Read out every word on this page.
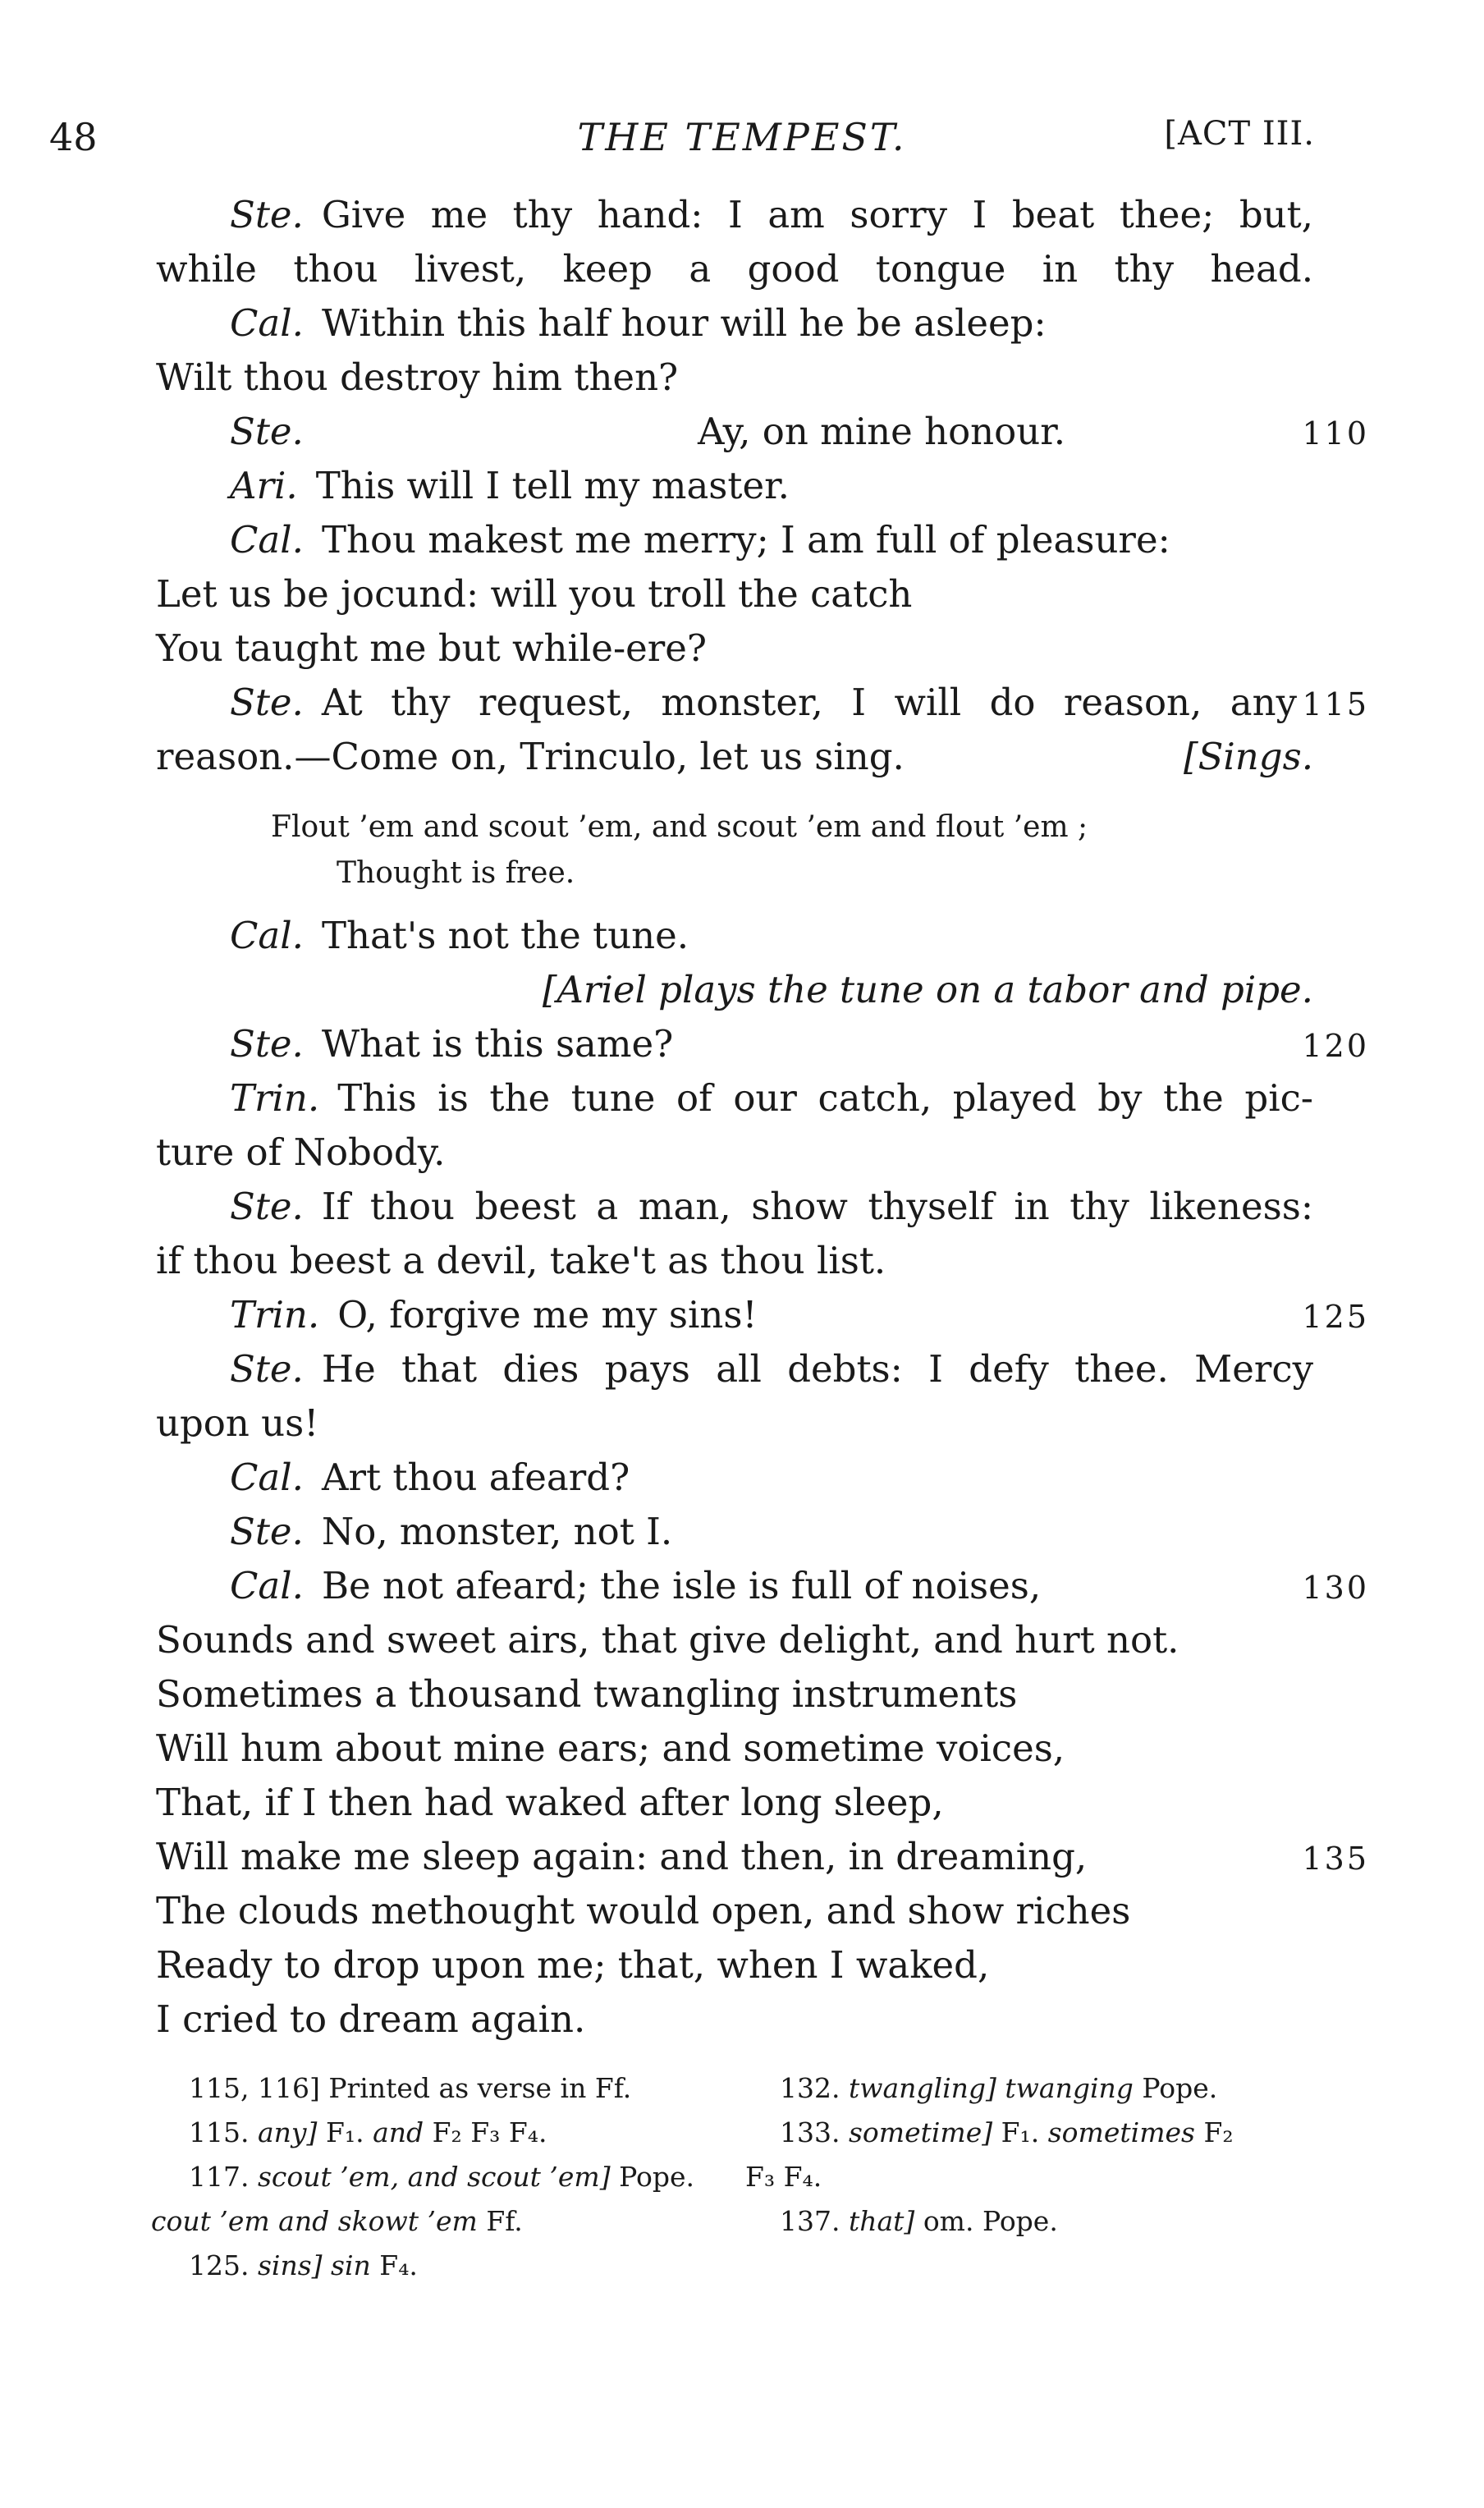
48	THE TEMPEST.	[ACT III.
Ste. Give me thy hand: I am sorry I beat thee; but,
while thou livest, keep a good tongue in thy head.
Cal. Within this half hour will he be asleep:
Wilt thou destroy him then?
Ste.	Ay, on mine honour.	110
Ari. This will I tell my master.
Cal. Thou makest me merry; I am full of pleasure:
Let us be jocund: will you troll the catch
You taught me but while-ere?
Ste. At thy request, monster, I will do reason, any 115
reason.—Come on, Trinculo, let us sing.	[Sings.
Flout ’em and scout ’em, and scout ’em and flout ’em ;
Thought is free.
Cal. That's not the tune.
[Ariel plays the tune on a tabor and pipe.
Ste. What is this same?	120
Trin. This is the tune of our catch, played by the pic-
ture of Nobody.
Ste. If thou beest a man, show thyself in thy likeness:
if thou beest a devil, take't as thou list.
Trin. O, forgive me my sins!	125
Ste. He that dies pays all debts: I defy thee. Mercy
upon us!
Cal. Art thou afeard?
Ste. No, monster, not I.
Cal. Be not afeard; the isle is full of noises,	130
Sounds and sweet airs, that give delight, and hurt not.
Sometimes a thousand twangling instruments
Will hum about mine ears; and sometime voices,
That, if I then had waked after long sleep,
Will make me sleep again: and then, in dreaming,	135
The clouds methought would open, and show riches
Ready to drop upon me; that, when I waked,
I cried to dream again.
115, 116] Printed as verse in Ff.
115. any] F₁. and F₂ F₃ F₄.
117. scout ’em, and scout ’em] Pope.
cout ’em and skowt ’em Ff.
125. sins] sin F₄.
132. twangling] twanging Pope.
133. sometime] F₁. sometimes F₂
F₃ F₄.
137. that] om. Pope.
